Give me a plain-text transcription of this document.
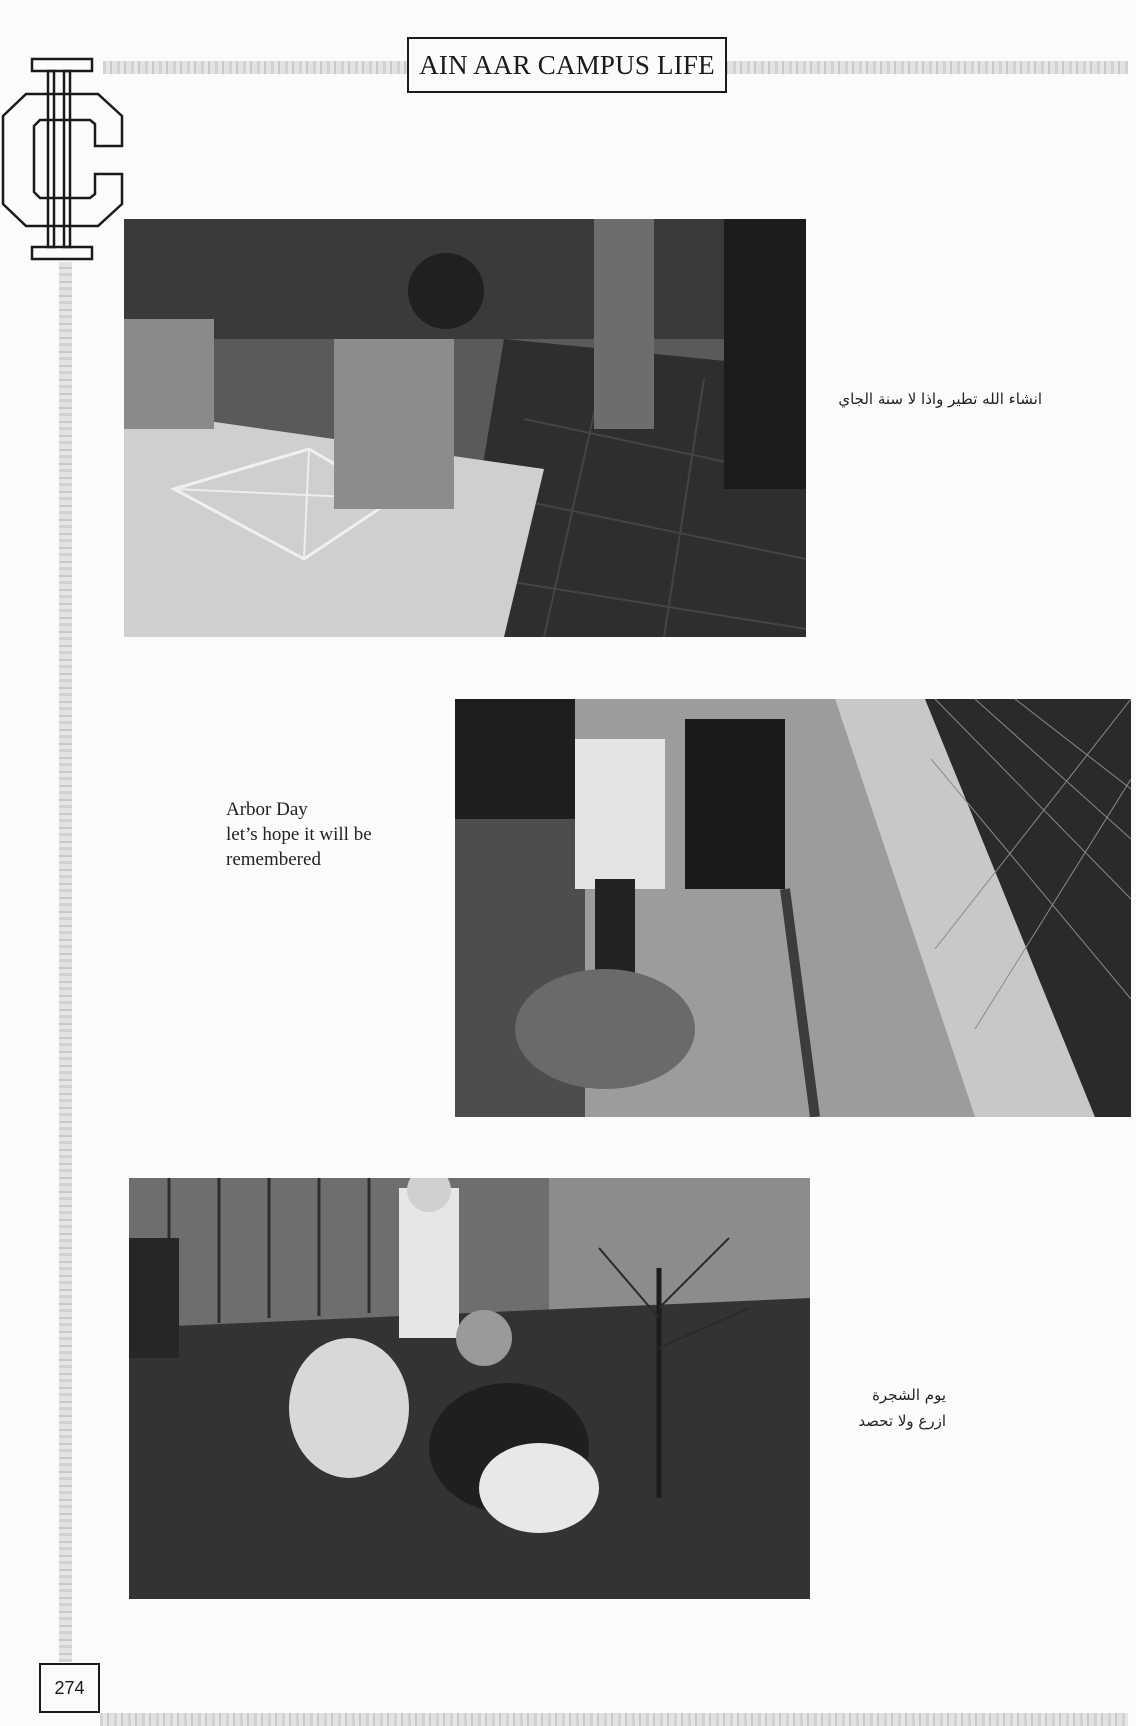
AIN AAR CAMPUS LIFE
انشاء الله تطير واذا لا سنة الجاي
Arbor Day
let’s hope it will be
remembered
يوم الشجرة
ازرع ولا تحصد
274
